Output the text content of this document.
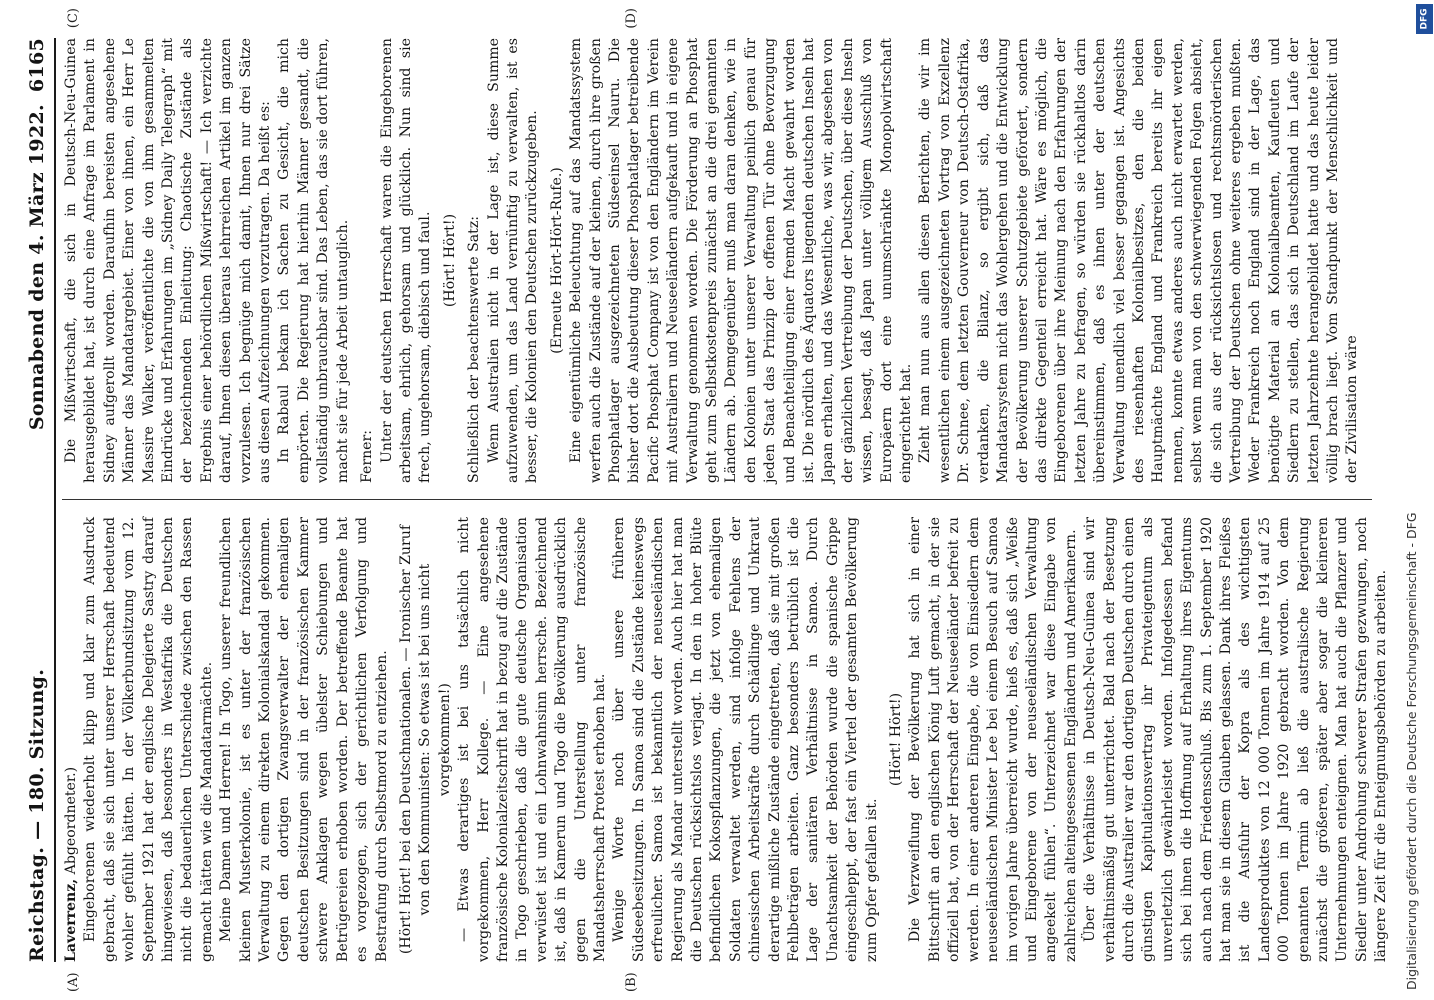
Reichstag. — 180. Sitzung.
Sonnabend den 4. März 1922.
6165
(A)	(B)

Laverrenz, Abgeordneter.) Eingeborenen wiederholt klipp und klar zum Ausdruck gebracht, daß sie sich unter unserer Herrschaft bedeutend wohler gefühlt hätten. In der Völkerbundsitzung vom 12. September 1921 hat der englische Delegierte Sastry darauf hingewiesen, daß besonders in Westafrika die Deutschen nicht die bedauerlichen Unterschiede zwischen den Rassen gemacht hätten wie die Mandatarmächte. Meine Damen und Herren! In Togo, unserer freundlichen kleinen Musterkolonie, ist es unter der französischen Verwaltung zu einem direkten Kolonialskandal gekommen. Gegen den dortigen Zwangsverwalter der ehemaligen deutschen Besitzungen sind in der französischen Kammer schwere Anklagen wegen übelster Schiebungen und Betrügereien erhoben worden. Der betreffende Beamte hat es vorgezogen, sich der gerichtlichen Verfolgung und Bestrafung durch Selbstmord zu entziehen. (Hört! Hört! bei den Deutschnationalen. — Ironischer Zuruf von den Kommunisten: So etwas ist bei uns nicht vorgekommen!) — Etwas derartiges ist bei uns tatsächlich nicht vorgekommen, Herr Kollege. — Eine angesehene französische Kolonialzeitschrift hat in bezug auf die Zustände in Togo geschrieben, daß die gute deutsche Organisation verwüstet ist und ein Lohnwahnsinn herrsche. Bezeichnend ist, daß in Kamerun und Togo die Bevölkerung ausdrücklich gegen die Unterstellung unter französische Mandatsherrschaft Protest erhoben hat. Wenige Worte noch über unsere früheren Südseebesitzungen. In Samoa sind die Zustände keineswegs erfreulicher. Samoa ist bekanntlich der neuseeländischen Regierung als Mandar unterstellt worden. Auch hier hat man die Deutschen rücksichtslos verjagt. In den in hoher Blüte befindlichen Kokospflanzungen, die jetzt von ehemaligen Soldaten verwaltet werden, sind infolge Fehlens der chinesischen Arbeitskräfte durch Schädlinge und Unkraut derartige mißliche Zustände eingetreten, daß sie mit großen Fehlbeträgen arbeiten. Ganz besonders betrüblich ist die Lage der sanitären Verhältnisse in Samoa. Durch Unachtsamkeit der Behörden wurde die spanische Grippe eingeschleppt, der fast ein Viertel der gesamten Bevölkerung zum Opfer gefallen ist.

(Hört! Hört!) Die Verzweiflung der Bevölkerung hat sich in einer Bittschrift an den englischen König Luft gemacht, in der sie offiziell bat, von der Herrschaft der Neuseeländer befreit zu werden. In einer anderen Eingabe, die von Einsiedlern dem neuseeländischen Minister Lee bei einem Besuch auf Samoa im vorigen Jahre überreicht wurde, hieß es, daß sich „Weiße und Eingeborene von der neuseeländischen Verwaltung angeekelt fühlen“. Unterzeichnet war diese Eingabe von zahlreichen alteingesessenen Engländern und Amerikanern. Über die Verhältnisse in Deutsch-Neu-Guinea sind wir verhältnismäßig gut unterrichtet. Bald nach der Besetzung durch die Australier war den dortigen Deutschen durch einen günstigen Kapitulationsvertrag ihr Privateigentum als unverletzlich gewährleistet worden. Infolgedessen befand sich bei ihnen die Hoffnung auf Erhaltung ihres Eigentums auch nach dem Friedensschluß. Bis zum 1. September 1920 hat man sie in diesem Glauben gelassen. Dank ihres Fleißes ist die Ausfuhr der Kopra als des wichtigsten Landesproduktes von 12 000 Tonnen im Jahre 1914 auf 25 000 Tonnen im Jahre 1920 gebracht worden. Von dem genannten Termin ab ließ die australische Regierung zunächst die größeren, später aber sogar die kleineren Unternehmungen enteignen. Man hat auch die Pflanzer und Siedler unter Androhung schwerer Strafen gezwungen, noch längere Zeit für die Enteignungsbehörden zu arbeiten.

(C)	(D)

Die Mißwirtschaft, die sich in Deutsch-Neu-Guinea herausgebildet hat, ist durch eine Anfrage im Parlament in Sidney aufgerollt worden. Daraufhin bereisten angesehene Männer das Mandatargebiet. Einer von ihnen, ein Herr Le Massire Walker, veröffentlichte die von ihm gesammelten Eindrücke und Erfahrungen im „Sidney Daily Telegraph“ mit der bezeichnenden Einleitung: Chaotische Zustände als Ergebnis einer behördlichen Mißwirtschaft! — Ich verzichte darauf, Ihnen diesen überaus lehrreichen Artikel im ganzen vorzulesen. Ich begnüge mich damit, Ihnen nur drei Sätze aus diesen Aufzeichnungen vorzutragen. Da heißt es: In Rabaul bekam ich Sachen zu Gesicht, die mich empörten. Die Regierung hat hierhin Männer gesandt, die vollständig unbrauchbar sind. Das Leben, das sie dort führen, macht sie für jede Arbeit untauglich. Ferner: Unter der deutschen Herrschaft waren die Eingeborenen arbeitsam, ehrlich, gehorsam und glücklich. Nun sind sie frech, ungehorsam, diebisch und faul. (Hört! Hört!) Schließlich der beachtenswerte Satz: Wenn Australien nicht in der Lage ist, diese Summe aufzuwenden, um das Land vernünftig zu verwalten, ist es besser, die Kolonien den Deutschen zurückzugeben. (Erneute Hört-Hört-Rufe.) Eine eigentümliche Beleuchtung auf das Mandatssystem werfen auch die Zustände auf der kleinen, durch ihre großen Phosphatlager ausgezeichneten Südseeinsel Nauru. Die bisher dort die Ausbeutung dieser Phosphatlager betreibende Pacific Phosphat Company ist von den Engländern im Verein mit Australiern und Neuseeländern aufgekauft und in eigene Verwaltung genommen worden. Die Förderung an Phosphat geht zum Selbstkostenpreis zunächst an die drei genannten Ländern ab. Demgegenüber muß man daran denken, wie in den Kolonien unter unserer Verwaltung peinlich genau für jeden Staat das Prinzip der offenen Tür ohne Bevorzugung und Benachteiligung einer fremden Macht gewahrt worden ist. Die nördlich des Äquators liegenden deutschen Inseln hat Japan erhalten, und das Wesentliche, was wir, abgesehen von der gänzlichen Vertreibung der Deutschen, über diese Inseln wissen, besagt, daß Japan unter völligem Ausschluß von Europäern dort eine unumschränkte Monopolwirtschaft eingerichtet hat. Zieht man nun aus allen diesen Berichten, die wir im wesentlichen einem ausgezeichneten Vortrag von Exzellenz Dr. Schnee, dem letzten Gouverneur von Deutsch-Ostafrika, verdanken, die Bilanz, so ergibt sich, daß das Mandatarsystem nicht das Wohlergehen und die Entwicklung der Bevölkerung unserer Schutzgebiete gefördert, sondern das direkte Gegenteil erreicht hat. Wäre es möglich, die Eingeborenen über ihre Meinung nach den Erfahrungen der letzten Jahre zu befragen, so würden sie rückhaltlos darin übereinstimmen, daß es ihnen unter der deutschen Verwaltung unendlich viel besser gegangen ist. Angesichts des riesenhaften Kolonialbesitzes, den die beiden Hauptmächte England und Frankreich bereits ihr eigen nennen, konnte etwas anderes auch nicht erwartet werden, selbst wenn man von den schwerwiegenden Folgen absieht, die sich aus der rücksichtslosen und rechtsmörderischen Vertreibung der Deutschen ohne weiteres ergeben mußten. Weder Frankreich noch England sind in der Lage, das benötigte Material an Kolonialbeamten, Kaufleuten und Siedlern zu stellen, das sich in Deutschland im Laufe der letzten Jahrzehnte herangebildet hatte und das heute leider völlig brach liegt. Vom Standpunkt der Menschlichkeit und der Zivilisation wäre

Digitalisierung gefördert durch die Deutsche Forschungsgemeinschaft - DFG
DFG
